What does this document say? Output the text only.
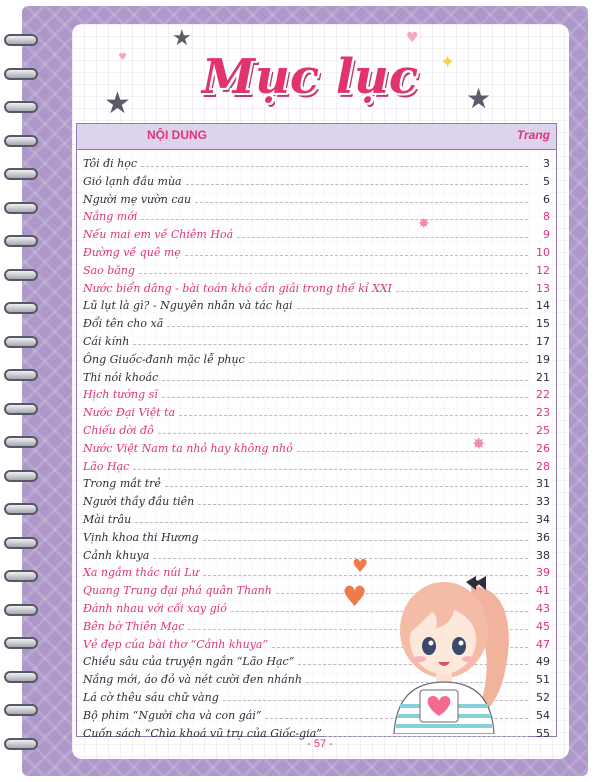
★
★	★
♥
♥	✦
Mục lục
NỘI DUNG	Trang
Tôi đi học	3
Gió lạnh đầu mùa	5
Người mẹ vườn cau	6
Nắng mới	8
Nếu mai em về Chiêm Hoá	9
Đường về quê mẹ	10
Sao băng	12
Nước biển dâng - bài toán khó cần giải trong thế kỉ XXI	13
Lũ lụt là gì? - Nguyên nhân và tác hại	14
Đổi tên cho xã	15
Cái kính	17
Ông Giuốc-đanh mặc lễ phục	19
Thi nói khoác	21
Hịch tướng sĩ	22
Nước Đại Việt ta	23
Chiếu dời đô	25
Nước Việt Nam ta nhỏ hay không nhỏ	26
Lão Hạc	28
Trong mắt trẻ	31
Người thầy đầu tiên	33
Mài trâu	34
Vịnh khoa thi Hương	36
Cảnh khuya	38
Xa ngắm thác núi Lư	39
Quang Trung đại phá quân Thanh	41
Đánh nhau với cối xay gió	43
Bên bờ Thiên Mạc	45
Vẻ đẹp của bài thơ “Cảnh khuya”	47
Chiều sâu của truyện ngắn “Lão Hạc”	49
Nắng mới, áo đỏ và nét cười đen nhánh	51
Lá cờ thêu sáu chữ vàng	52
Bộ phim “Người cha và con gái”	54
Cuốn sách “Chìa khoá vũ trụ của Giốc-gia”	55
♥
♥
✸
✸
- 57 -
